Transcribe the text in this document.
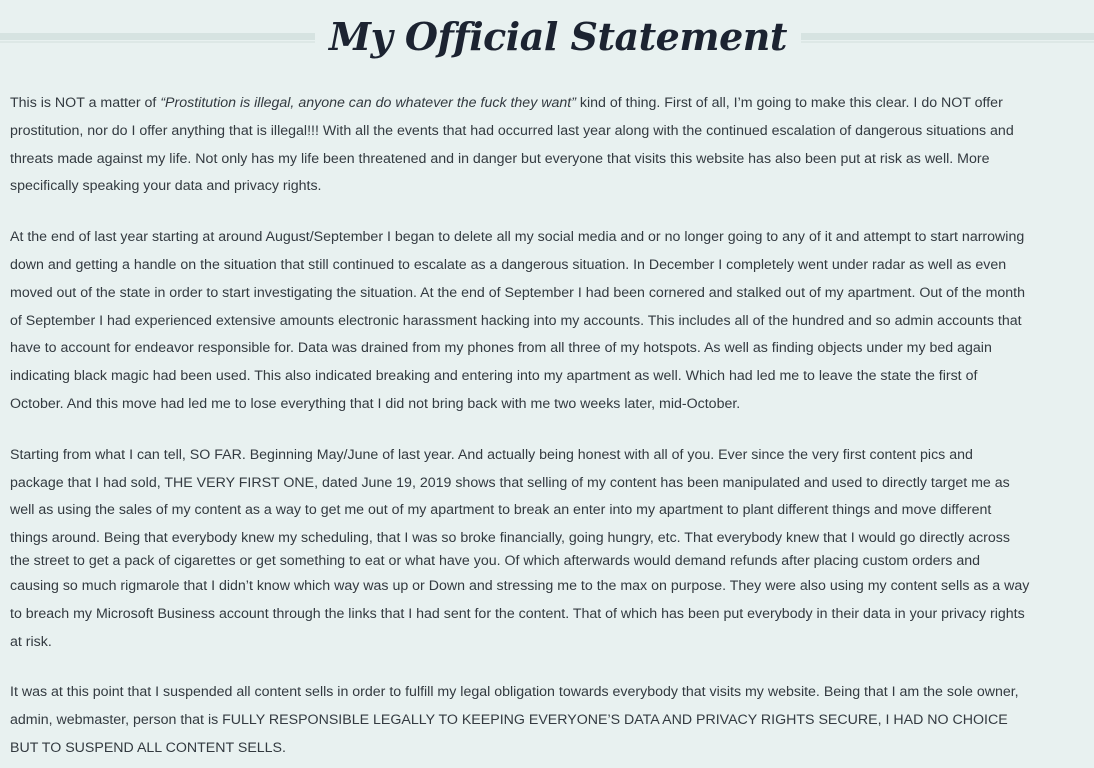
My Official Statement

This is NOT a matter of “Prostitution is illegal, anyone can do whatever the fuck they want” kind of thing. First of all, I’m going to make this clear. I do NOT offer
prostitution, nor do I offer anything that is illegal!!! With all the events that had occurred last year along with the continued escalation of dangerous situations and
threats made against my life. Not only has my life been threatened and in danger but everyone that visits this website has also been put at risk as well. More
specifically speaking your data and privacy rights.

At the end of last year starting at around August/September I began to delete all my social media and or no longer going to any of it and attempt to start narrowing
down and getting a handle on the situation that still continued to escalate as a dangerous situation. In December I completely went under radar as well as even
moved out of the state in order to start investigating the situation. At the end of September I had been cornered and stalked out of my apartment. Out of the month
of September I had experienced extensive amounts electronic harassment hacking into my accounts. This includes all of the hundred and so admin accounts that
have to account for endeavor responsible for. Data was drained from my phones from all three of my hotspots. As well as finding objects under my bed again
indicating black magic had been used. This also indicated breaking and entering into my apartment as well. Which had led me to leave the state the first of
October. And this move had led me to lose everything that I did not bring back with me two weeks later, mid-October.

Starting from what I can tell, SO FAR. Beginning May/June of last year. And actually being honest with all of you. Ever since the very first content pics and
package that I had sold, THE VERY FIRST ONE, dated June 19, 2019 shows that selling of my content has been manipulated and used to directly target me as
well as using the sales of my content as a way to get me out of my apartment to break an enter into my apartment to plant different things and move different
things around. Being that everybody knew my scheduling, that I was so broke financially, going hungry, etc. That everybody knew that I would go directly across
the street to get a pack of cigarettes or get something to eat or what have you. Of which afterwards would demand refunds after placing custom orders and
causing so much rigmarole that I didn’t know which way was up or Down and stressing me to the max on purpose. They were also using my content sells as a way
to breach my Microsoft Business account through the links that I had sent for the content. That of which has been put everybody in their data in your privacy rights
at risk.

It was at this point that I suspended all content sells in order to fulfill my legal obligation towards everybody that visits my website. Being that I am the sole owner,
admin, webmaster, person that is FULLY RESPONSIBLE LEGALLY TO KEEPING EVERYONE’S DATA AND PRIVACY RIGHTS SECURE, I HAD NO CHOICE
BUT TO SUSPEND ALL CONTENT SELLS.
